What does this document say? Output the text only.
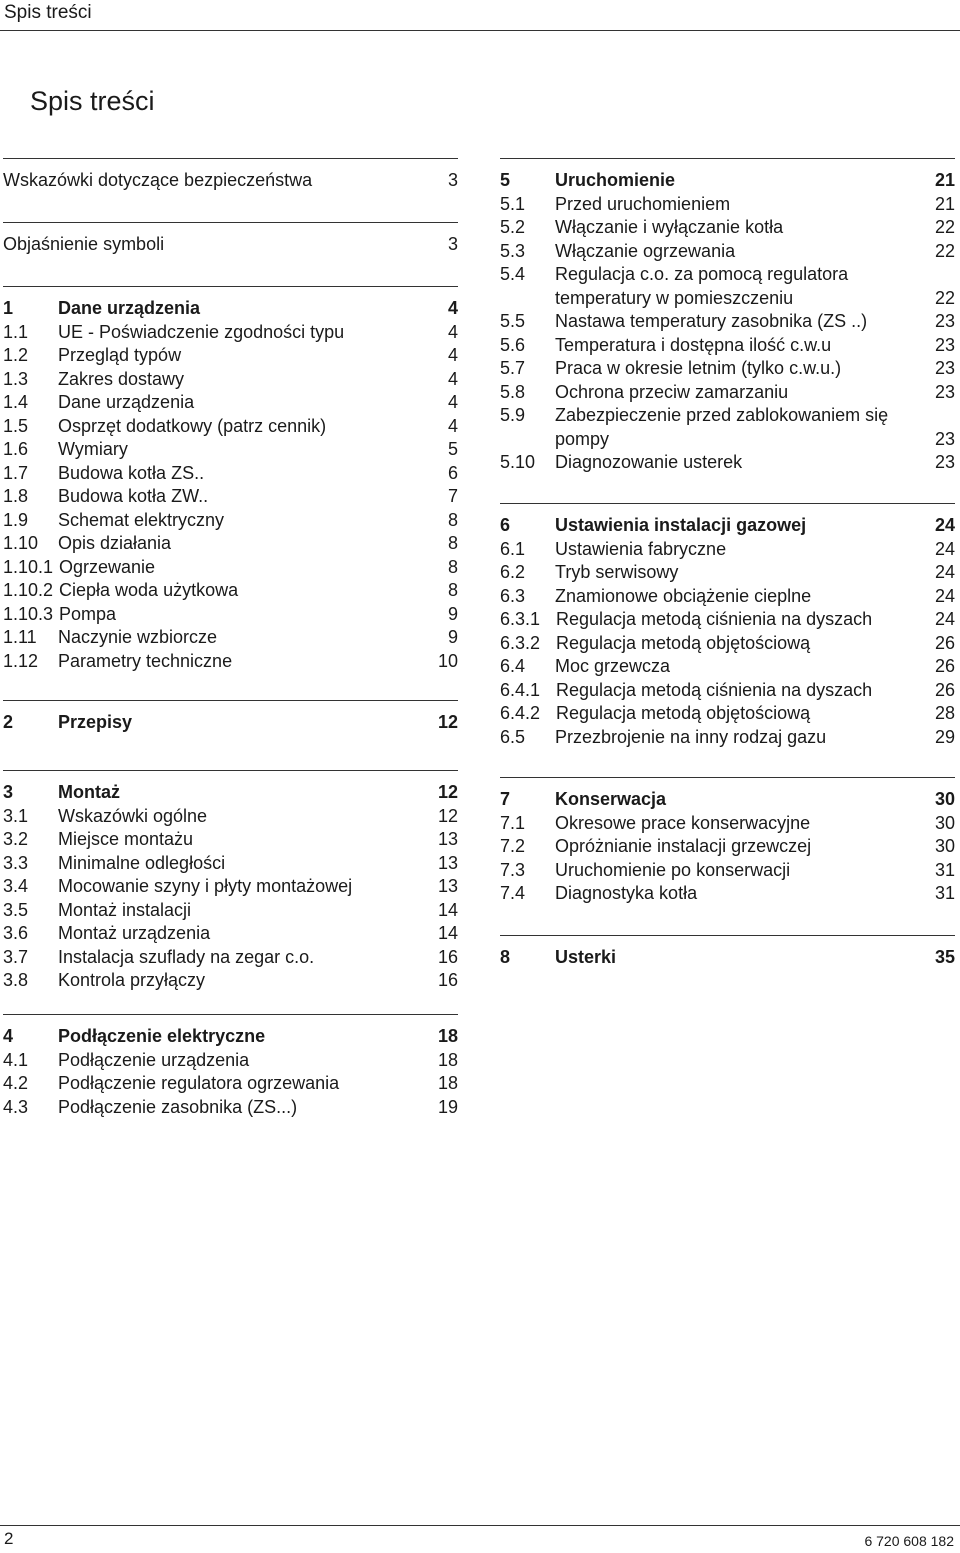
Spis treści
Spis treści
Wskazówki dotyczące bezpieczeństwa	3
Objaśnienie symboli	3
1 Dane urządzenia	4
1.1 UE - Poświadczenie zgodności typu	4
1.2 Przegląd typów	4
1.3 Zakres dostawy	4
1.4 Dane urządzenia	4
1.5 Osprzęt dodatkowy (patrz cennik)	4
1.6 Wymiary	5
1.7 Budowa kotła ZS..	6
1.8 Budowa kotła ZW..	7
1.9 Schemat elektryczny	8
1.10 Opis działania	8
1.10.1 Ogrzewanie	8
1.10.2 Ciepła woda użytkowa	8
1.10.3 Pompa	9
1.11 Naczynie wzbiorcze	9
1.12 Parametry techniczne	10
2 Przepisy	12
3 Montaż	12
3.1 Wskazówki ogólne	12
3.2 Miejsce montażu	13
3.3 Minimalne odległości	13
3.4 Mocowanie szyny i płyty montażowej	13
3.5 Montaż instalacji	14
3.6 Montaż urządzenia	14
3.7 Instalacja szuflady na zegar c.o.	16
3.8 Kontrola przyłączy	16
4 Podłączenie elektryczne	18
4.1 Podłączenie urządzenia	18
4.2 Podłączenie regulatora ogrzewania	18
4.3 Podłączenie zasobnika (ZS...)	19
5 Uruchomienie	21
5.1 Przed uruchomieniem	21
5.2 Włączanie i wyłączanie kotła	22
5.3 Włączanie ogrzewania	22
5.4 Regulacja c.o. za pomocą regulatora
temperatury w pomieszczeniu	22
5.5 Nastawa temperatury zasobnika (ZS ..)	23
5.6 Temperatura i dostępna ilość c.w.u	23
5.7 Praca w okresie letnim (tylko c.w.u.)	23
5.8 Ochrona przeciw zamarzaniu	23
5.9 Zabezpieczenie przed zablokowaniem się
pompy	23
5.10 Diagnozowanie usterek	23
6 Ustawienia instalacji gazowej	24
6.1 Ustawienia fabryczne	24
6.2 Tryb serwisowy	24
6.3 Znamionowe obciążenie cieplne	24
6.3.1 Regulacja metodą ciśnienia na dyszach	24
6.3.2 Regulacja metodą objętościową	26
6.4 Moc grzewcza	26
6.4.1 Regulacja metodą ciśnienia na dyszach	26
6.4.2 Regulacja metodą objętościową	28
6.5 Przezbrojenie na inny rodzaj gazu	29
7 Konserwacja	30
7.1 Okresowe prace konserwacyjne	30
7.2 Opróżnianie instalacji grzewczej	30
7.3 Uruchomienie po konserwacji	31
7.4 Diagnostyka kotła	31
8 Usterki	35
2	6 720 608 182
